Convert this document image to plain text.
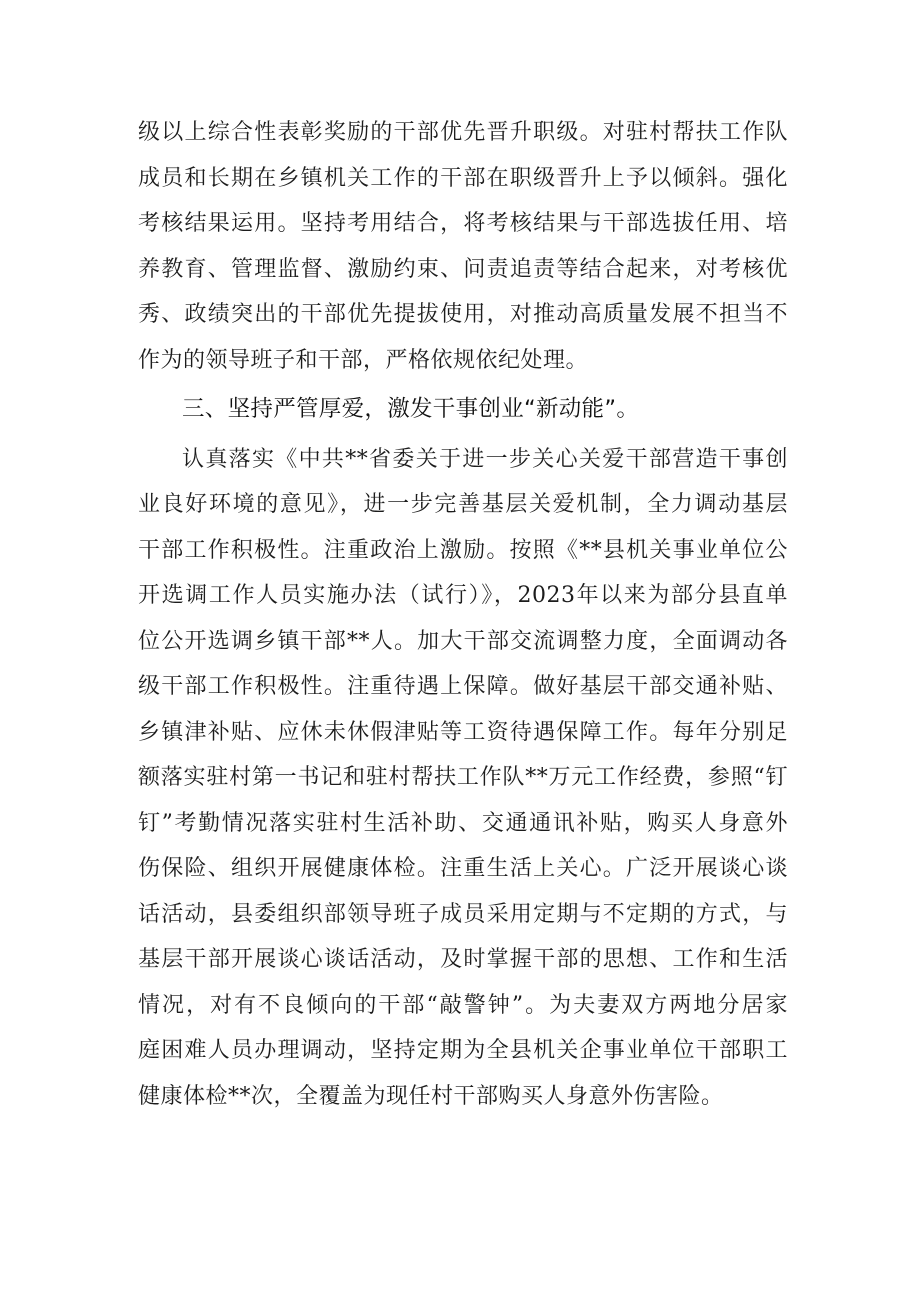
级以上综合性表彰奖励的干部优先晋升职级。对驻村帮扶工作队
成员和长期在乡镇机关工作的干部在职级晋升上予以倾斜。强化
考核结果运用。坚持考用结合，将考核结果与干部选拔任用、培
养教育、管理监督、激励约束、问责追责等结合起来，对考核优
秀、政绩突出的干部优先提拔使用，对推动高质量发展不担当不
作为的领导班子和干部，严格依规依纪处理。
三、坚持严管厚爱，激发干事创业“新动能”。
认真落实《中共**省委关于进一步关心关爱干部营造干事创
业良好环境的意见》，进一步完善基层关爱机制，全力调动基层
干部工作积极性。注重政治上激励。按照《**县机关事业单位公
开选调工作人员实施办法（试行）》，2023年以来为部分县直单
位公开选调乡镇干部**人。加大干部交流调整力度，全面调动各
级干部工作积极性。注重待遇上保障。做好基层干部交通补贴、
乡镇津补贴、应休未休假津贴等工资待遇保障工作。每年分别足
额落实驻村第一书记和驻村帮扶工作队**万元工作经费，参照“钉
钉”考勤情况落实驻村生活补助、交通通讯补贴，购买人身意外
伤保险、组织开展健康体检。注重生活上关心。广泛开展谈心谈
话活动，县委组织部领导班子成员采用定期与不定期的方式，与
基层干部开展谈心谈话活动，及时掌握干部的思想、工作和生活
情况，对有不良倾向的干部“敲警钟”。为夫妻双方两地分居家
庭困难人员办理调动，坚持定期为全县机关企事业单位干部职工
健康体检**次，全覆盖为现任村干部购买人身意外伤害险。
